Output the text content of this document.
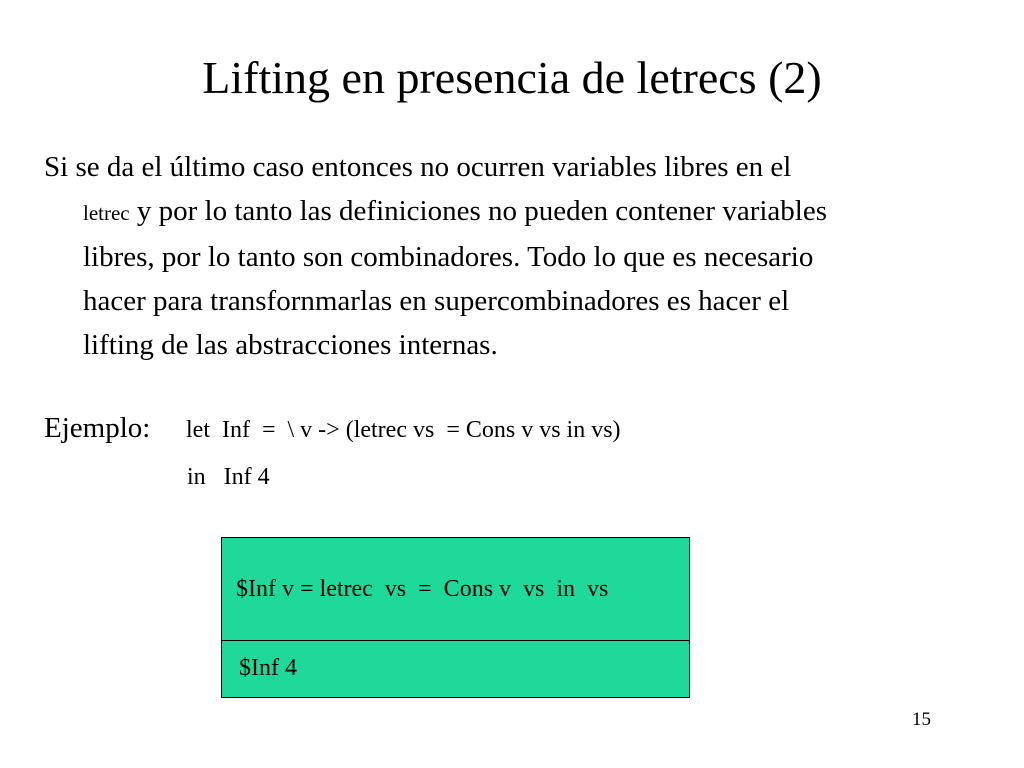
Lifting en presencia de letrecs (2)
Si se da el último caso entonces no ocurren variables libres en el
letrec y por lo tanto las definiciones no pueden contener variables
libres, por lo tanto son combinadores. Todo lo que es necesario
hacer para transfornmarlas en supercombinadores es hacer el
lifting de las abstracciones internas.
Ejemplo: let  Inf  =  \ v -> (letrec vs  = Cons v vs in vs)
in   Inf 4
$Inf v = letrec  vs  =  Cons v  vs  in  vs
$Inf 4
15
